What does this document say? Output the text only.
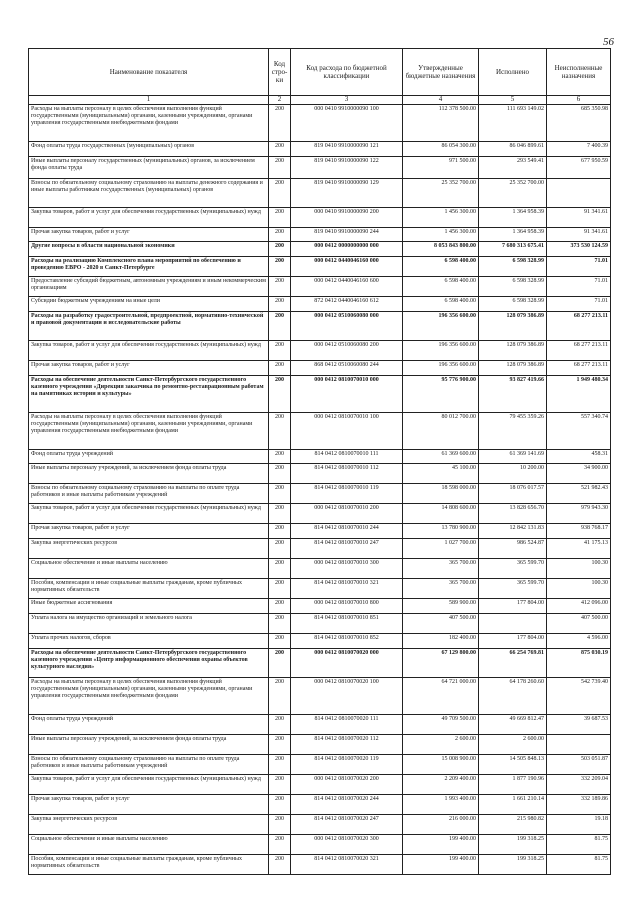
56
Наименование показателя	Код стро-ки	Код расхода по бюджетной классификации	Утвержденные бюджетные назначения	Исполнено	Неисполненные назначения
1	2	3	4	5	6
Расходы на выплаты персоналу в целях обеспечения выполнения функций государственными (муниципальными) органами, казенными учреждениями, органами управления государственными внебюджетными фондами	200	000 0410 9910000090 100	112 378 500.00	111 693 149.02	685 350.98
Фонд оплаты труда государственных (муниципальных) органов	200	819 0410 9910000090 121	86 054 300.00	86 046 899.61	7 400.39
Иные выплаты персоналу государственных (муниципальных) органов, за исключением фонда оплаты труда	200	819 0410 9910000090 122	971 500.00	293 549.41	677 950.59
Взносы по обязательному социальному страхованию на выплаты денежного содержания и иные выплаты работникам государственных (муниципальных) органов	200	819 0410 9910000090 129	25 352 700.00	25 352 700.00	
Закупка товаров, работ и услуг для обеспечения государственных (муниципальных) нужд	200	000 0410 9910000090 200	1 456 300.00	1 364 958.39	91 341.61
Прочая закупка товаров, работ и услуг	200	819 0410 9910000090 244	1 456 300.00	1 364 958.39	91 341.61
Другие вопросы в области национальной экономики	200	000 0412 0000000000 000	8 053 843 800.00	7 680 313 675.41	373 530 124.59
Расходы на реализацию Комплексного плана мероприятий по обеспечению и проведению ЕВРО - 2020 в Санкт-Петербурге	200	000 0412 0440046160 000	6 598 400.00	6 598 328.99	71.01
Предоставление субсидий бюджетным, автономным учреждениям и иным некоммерческим организациям	200	000 0412 0440046160 600	6 598 400.00	6 598 328.99	71.01
Субсидии бюджетным учреждениям на иные цели	200	872 0412 0440046160 612	6 598 400.00	6 598 328.99	71.01
Расходы на разработку градостроительной, предпроектной, нормативно-технической и правовой документации и исследовательские работы	200	000 0412 0510060080 000	196 356 600.00	128 079 386.89	68 277 213.11
Закупка товаров, работ и услуг для обеспечения государственных (муниципальных) нужд	200	000 0412 0510060080 200	196 356 600.00	128 079 386.89	68 277 213.11
Прочая закупка товаров, работ и услуг	200	868 0412 0510060080 244	196 356 600.00	128 079 386.89	68 277 213.11
Расходы на обеспечение деятельности Санкт-Петербургского государственного казенного учреждения «Дирекция заказчика по ремонтно-реставрационным работам на памятниках истории и культуры»	200	000 0412 0810070010 000	95 776 900.00	93 827 419.66	1 949 480.34
Расходы на выплаты персоналу в целях обеспечения выполнения функций государственными (муниципальными) органами, казенными учреждениями, органами управления государственными внебюджетными фондами	200	000 0412 0810070010 100	80 012 700.00	79 455 359.26	557 340.74
Фонд оплаты труда учреждений	200	814 0412 0810070010 111	61 369 600.00	61 369 141.69	458.31
Иные выплаты персоналу учреждений, за исключением фонда оплаты труда	200	814 0412 0810070010 112	45 100.00	10 200.00	34 900.00
Взносы по обязательному социальному страхованию на выплаты по оплате труда работников и иные выплаты работникам учреждений	200	814 0412 0810070010 119	18 598 000.00	18 076 017.57	521 982.43
Закупка товаров, работ и услуг для обеспечения государственных (муниципальных) нужд	200	000 0412 0810070010 200	14 808 600.00	13 828 656.70	979 943.30
Прочая закупка товаров, работ и услуг	200	814 0412 0810070010 244	13 780 900.00	12 842 131.83	938 768.17
Закупка энергетических ресурсов	200	814 0412 0810070010 247	1 027 700.00	986 524.87	41 175.13
Социальное обеспечение и иные выплаты населению	200	000 0412 0810070010 300	365 700.00	365 599.70	100.30
Пособия, компенсации и иные социальные выплаты гражданам, кроме публичных нормативных обязательств	200	814 0412 0810070010 321	365 700.00	365 599.70	100.30
Иные бюджетные ассигнования	200	000 0412 0810070010 800	589 900.00	177 804.00	412 096.00
Уплата налога на имущество организаций и земельного налога	200	814 0412 0810070010 851	407 500.00		407 500.00
Уплата прочих налогов, сборов	200	814 0412 0810070010 852	182 400.00	177 804.00	4 596.00
Расходы на обеспечение деятельности Санкт-Петербургского государственного казенного учреждения «Центр информационного обеспечения охраны объектов культурного наследия»	200	000 0412 0810070020 000	67 129 800.00	66 254 769.81	875 030.19
Расходы на выплаты персоналу в целях обеспечения выполнения функций государственными (муниципальными) органами, казенными учреждениями, органами управления государственными внебюджетными фондами	200	000 0412 0810070020 100	64 721 000.00	64 178 260.60	542 739.40
Фонд оплаты труда учреждений	200	814 0412 0810070020 111	49 709 500.00	49 669 812.47	39 687.53
Иные выплаты персоналу учреждений, за исключением фонда оплаты труда	200	814 0412 0810070020 112	2 600.00	2 600.00	
Взносы по обязательному социальному страхованию на выплаты по оплате труда работников и иные выплаты работникам учреждений	200	814 0412 0810070020 119	15 008 900.00	14 505 848.13	503 051.87
Закупка товаров, работ и услуг для обеспечения государственных (муниципальных) нужд	200	000 0412 0810070020 200	2 209 400.00	1 877 190.96	332 209.04
Прочая закупка товаров, работ и услуг	200	814 0412 0810070020 244	1 993 400.00	1 661 210.14	332 189.86
Закупка энергетических ресурсов	200	814 0412 0810070020 247	216 000.00	215 980.82	19.18
Социальное обеспечение и иные выплаты населению	200	000 0412 0810070020 300	199 400.00	199 318.25	81.75
Пособия, компенсации и иные социальные выплаты гражданам, кроме публичных нормативных обязательств	200	814 0412 0810070020 321	199 400.00	199 318.25	81.75
